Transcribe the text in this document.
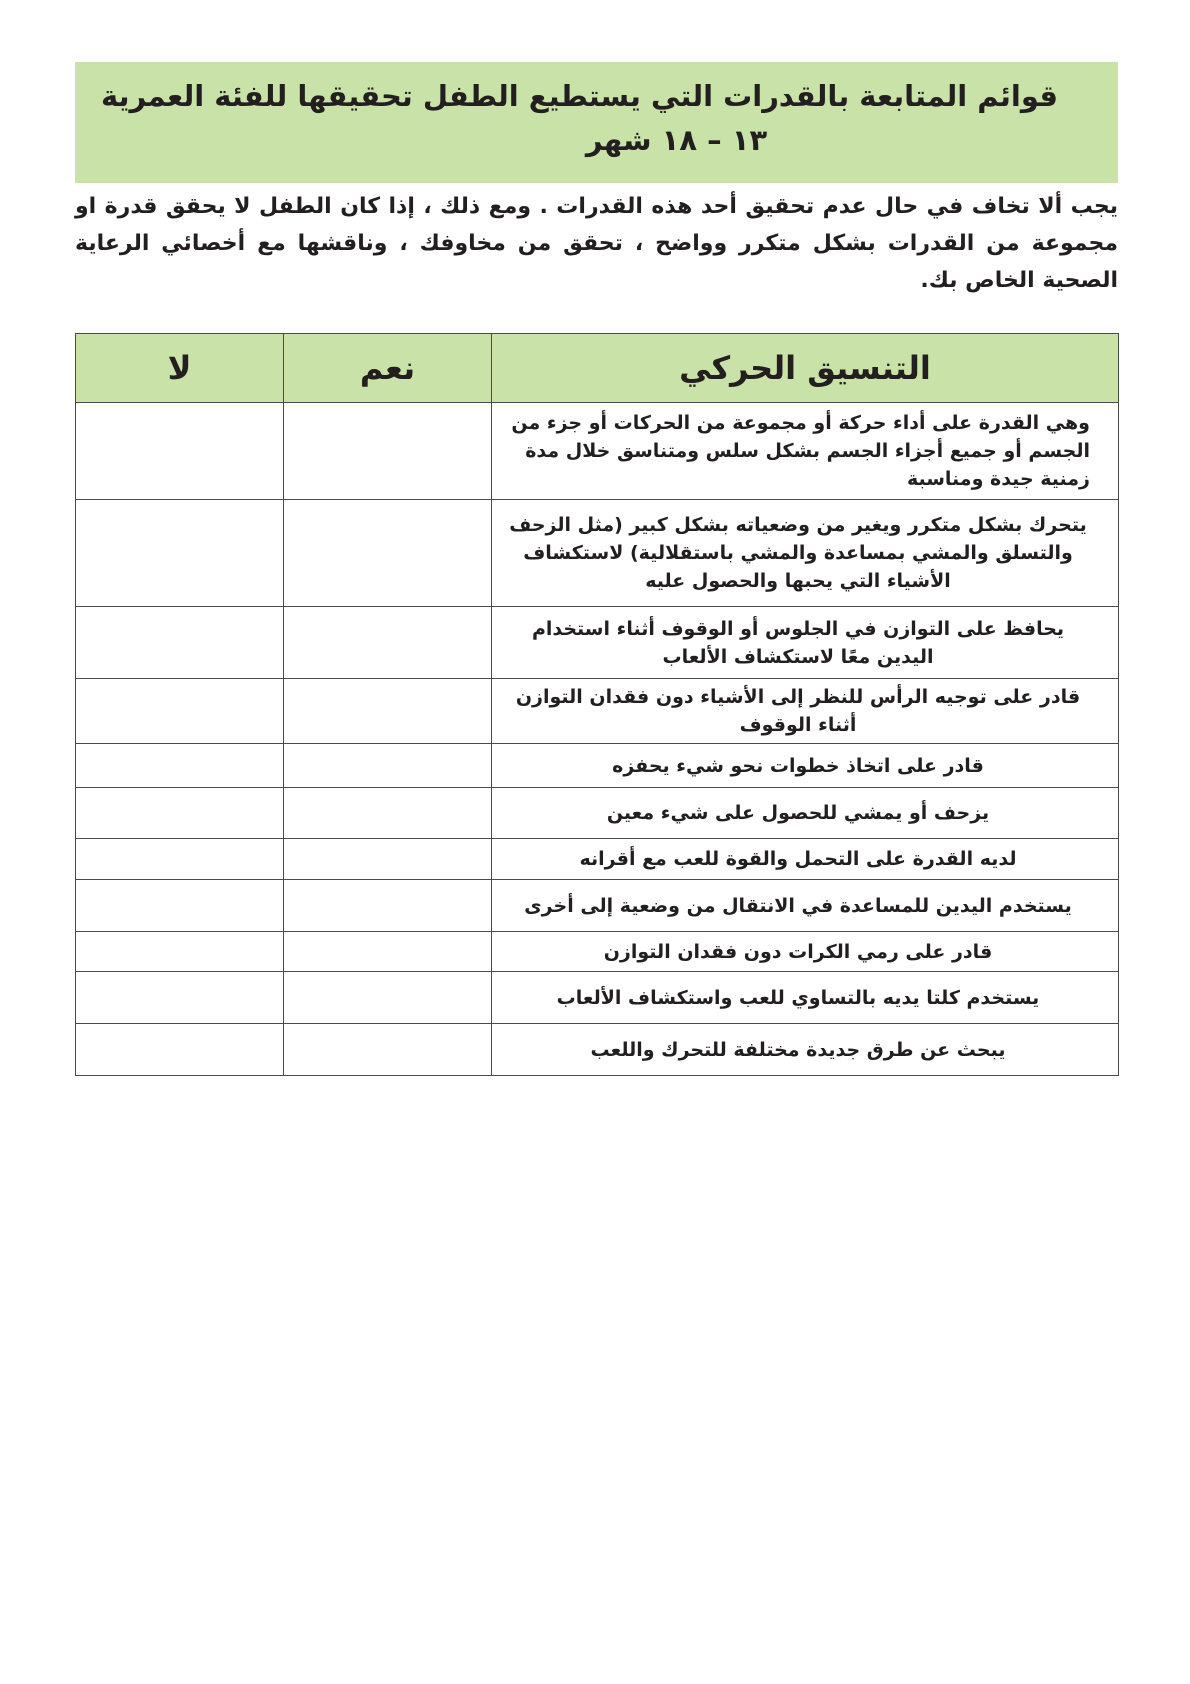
قوائم المتابعة بالقدرات التي يستطيع الطفل تحقيقها للفئة العمرية
١٣ – ١٨ شهر
يجب ألا تخاف في حال عدم تحقيق أحد هذه القدرات . ومع ذلك ، إذا كان الطفل لا يحقق قدرة او مجموعة من القدرات بشكل متكرر وواضح ، تحقق من مخاوفك ، وناقشها مع أخصائي الرعاية الصحية الخاص بك.
التنسيق الحركي	نعم	لا
وهي القدرة على أداء حركة أو مجموعة من الحركات أو جزء من الجسم أو جميع أجزاء الجسم بشكل سلس ومتناسق خلال مدة زمنية جيدة ومناسبة		
يتحرك بشكل متكرر ويغير من وضعياته بشكل كبير (مثل الزحف والتسلق والمشي بمساعدة والمشي باستقلالية) لاستكشاف الأشياء التي يحبها والحصول عليه		
يحافظ على التوازن في الجلوس أو الوقوف أثناء استخدام اليدين معًا لاستكشاف الألعاب		
قادر على توجيه الرأس للنظر إلى الأشياء دون فقدان التوازن أثناء الوقوف		
قادر على اتخاذ خطوات نحو شيء يحفزه		
يزحف أو يمشي للحصول على شيء معين		
لديه القدرة على التحمل والقوة للعب مع أقرانه		
يستخدم اليدين للمساعدة في الانتقال من وضعية إلى أخرى		
قادر على رمي الكرات دون فقدان التوازن		
يستخدم كلتا يديه بالتساوي للعب واستكشاف الألعاب		
يبحث عن طرق جديدة مختلفة للتحرك واللعب		
